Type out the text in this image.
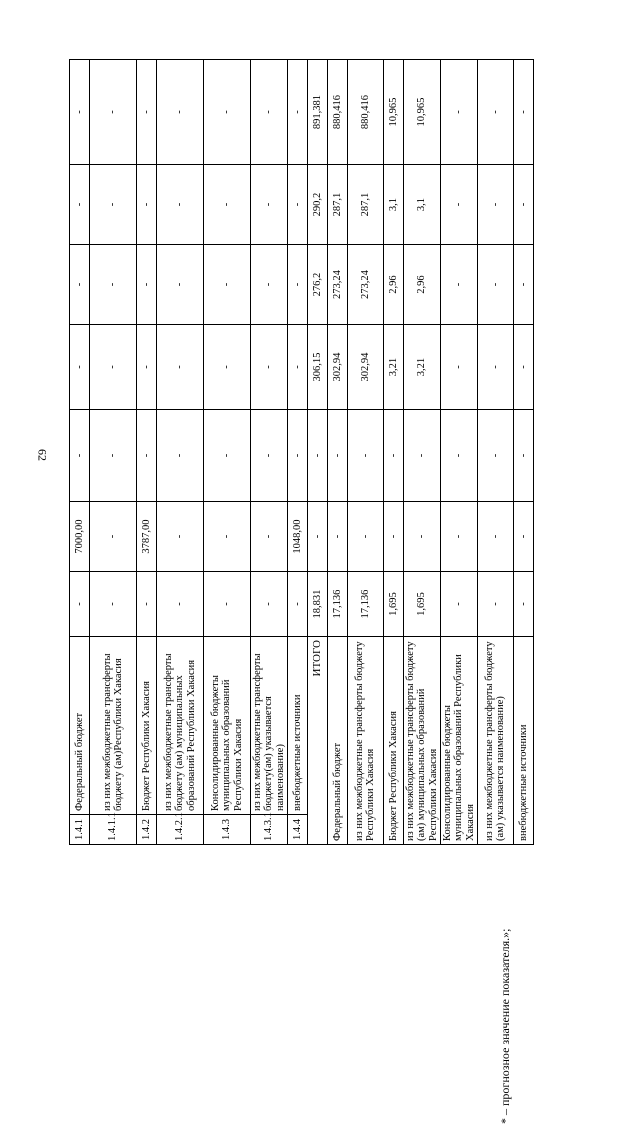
62
1.4.1	Федеральный бюджет	-	7000,00	-	-	-	-	-
1.4.1.1	из них межбюджетные трансферты бюджету (ам)Республики Хакасия	-	-	-	-	-	-	-
1.4.2	Бюджет Республики Хакасия	-	3787,00	-	-	-	-	-
1.4.2.1	из них межбюджетные трансферты бюджету (ам) муниципальных образований Республики Хакасия	-	-	-	-	-	-	-
1.4.3	Консолидированные бюджеты муниципальных образований Республики Хакасия	-	-	-	-	-	-	-
1.4.3.1	из них межбюджетные трансферты бюджету(ам) указывается наименование)	-	-	-	-	-	-	-
1.4.4	внебюджетные источники	-	1048,00	-	-	-	-	-
ИТОГО		18,831	-	-	306,15	276,2	290,2	891,381
Федеральный бюджет		17,136	-	-	302,94	273,24	287,1	880,416
из них межбюджетные трансферты бюджету Республики Хакасия		17,136	-	-	302,94	273,24	287,1	880,416
Бюджет Республики Хакасия		1,695	-	-	3,21	2,96	3,1	10,965
из них межбюджетные трансферты бюджету (ам) муниципальных образований Республики Хакасия		1,695	-	-	3,21	2,96	3,1	10,965
Консолидированные бюджеты муниципальных образований Республики Хакасия		-	-	-	-	-	-	-
из них межбюджетные трансферты бюджету (ам) указывается наименование)		-	-	-	-	-	-	-
внебюджетные источники		-	-	-	-	-	-	-
* – прогнозное значение показателя.»;
